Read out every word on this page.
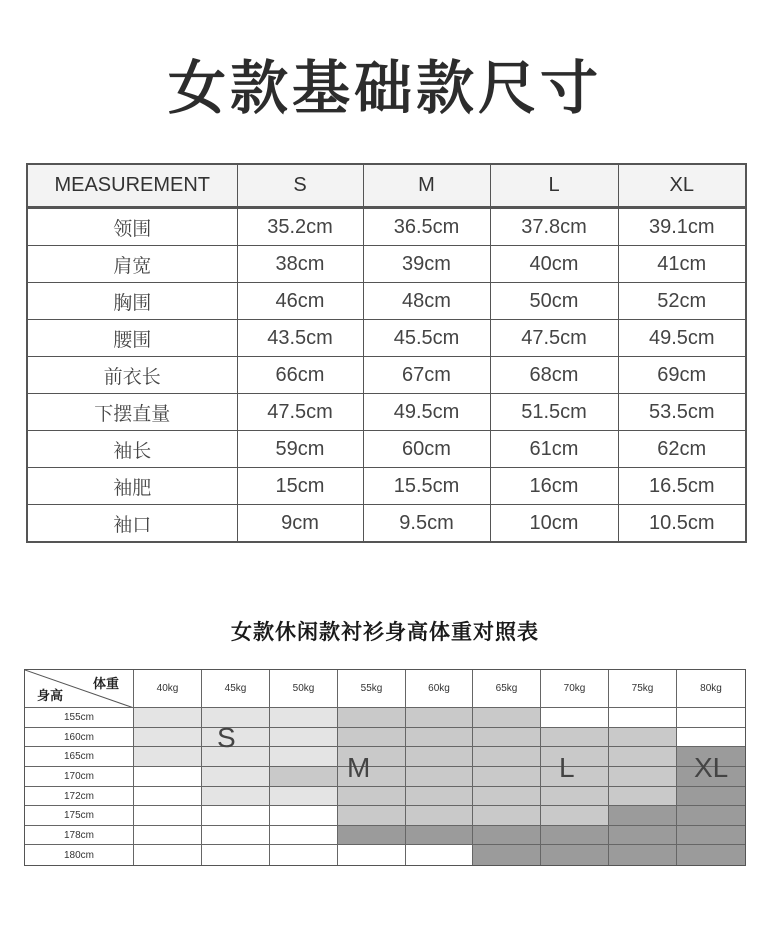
女款基础款尺寸
MEASUREMENT	S	M	L	XL
领围	35.2cm	36.5cm	37.8cm	39.1cm
肩宽	38cm	39cm	40cm	41cm
胸围	46cm	48cm	50cm	52cm
腰围	43.5cm	45.5cm	47.5cm	49.5cm
前衣长	66cm	67cm	68cm	69cm
下摆直量	47.5cm	49.5cm	51.5cm	53.5cm
袖长	59cm	60cm	61cm	62cm
袖肥	15cm	15.5cm	16cm	16.5cm
袖口	9cm	9.5cm	10cm	10.5cm
女款休闲款衬衫身高体重对照表
体重
身高
40kg	45kg	50kg	55kg	60kg	65kg	70kg	75kg	80kg
155cm
160cm
165cm
170cm
172cm
175cm
178cm
180cm
S
M	L	XL
